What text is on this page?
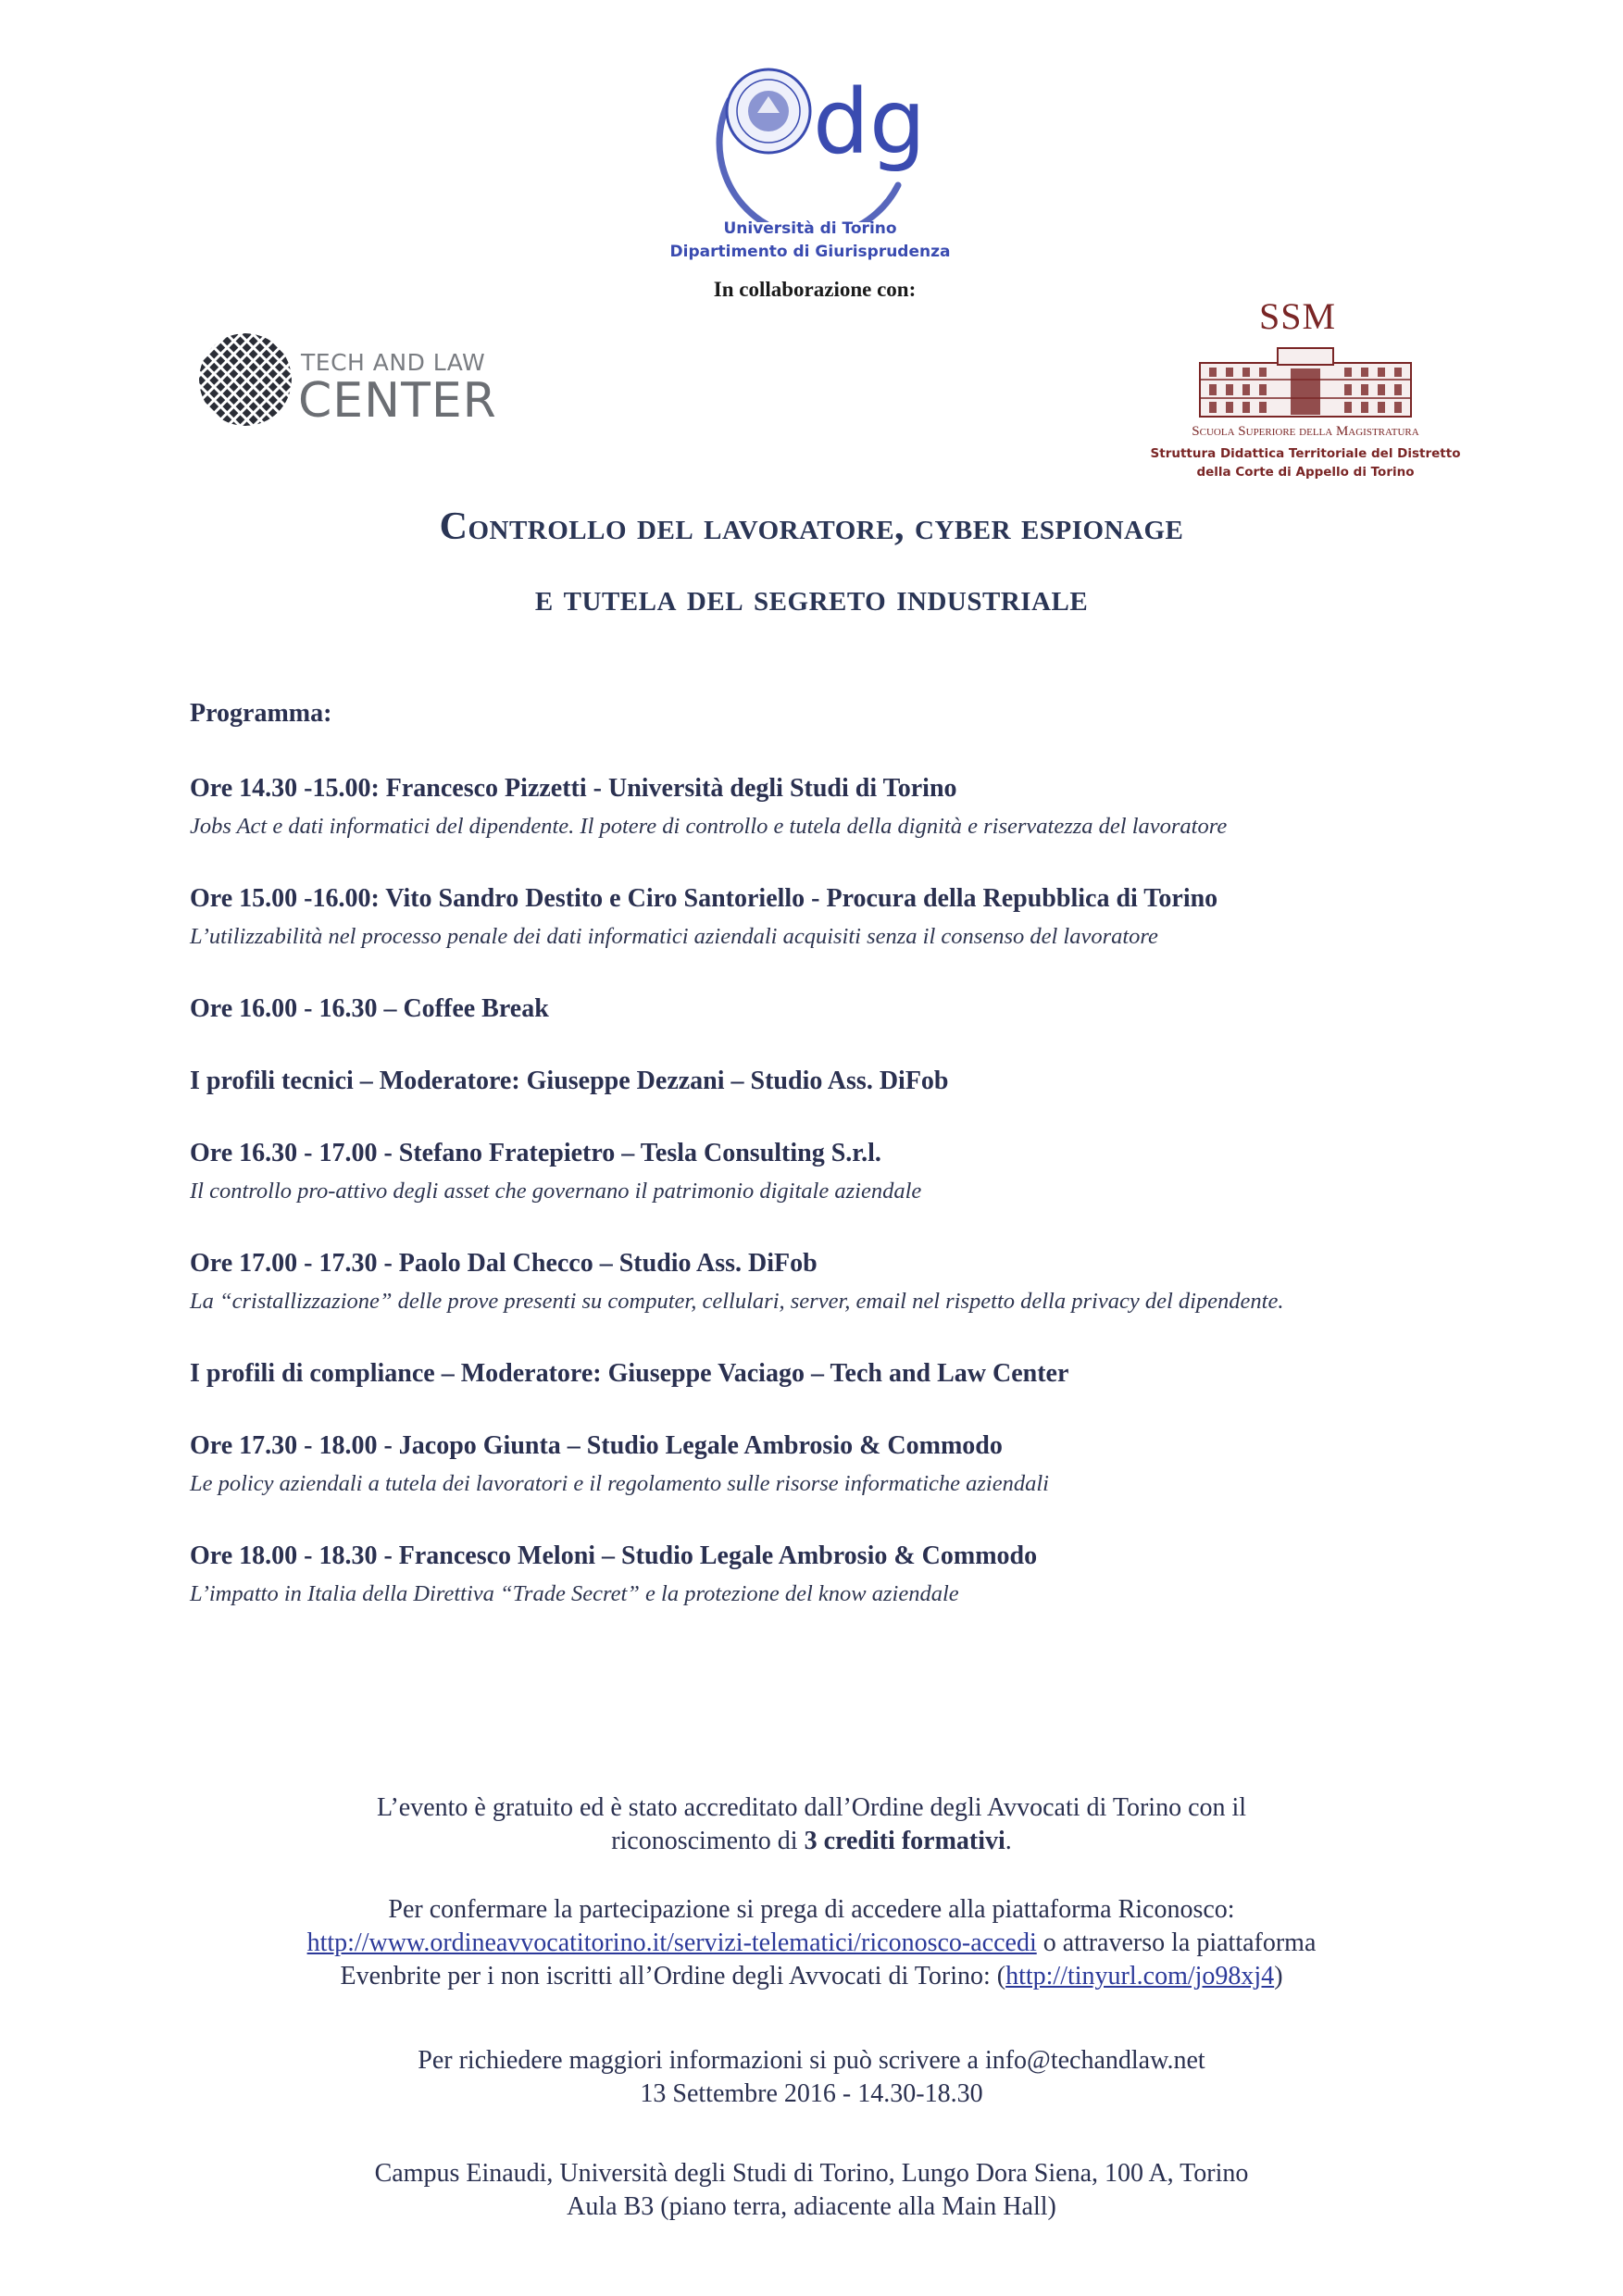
dg
Università di Torino
Dipartimento di Giurisprudenza
In collaborazione con:
TECH AND LAW
CENTER
SSM
Scuola Superiore della Magistratura
Struttura Didattica Territoriale del Distretto
della Corte di Appello di Torino
Controllo del lavoratore, cyber espionage
e tutela del segreto industriale
Programma:
Ore 14.30 -15.00: Francesco Pizzetti - Università degli Studi di Torino
Jobs Act e dati informatici del dipendente. Il potere di controllo e tutela della dignità e riservatezza del lavoratore
Ore 15.00 -16.00: Vito Sandro Destito e Ciro Santoriello - Procura della Repubblica di Torino
L’utilizzabilità nel processo penale dei dati informatici aziendali acquisiti senza il consenso del lavoratore
Ore 16.00 - 16.30 – Coffee Break
I profili tecnici – Moderatore: Giuseppe Dezzani – Studio Ass. DiFob
Ore 16.30 - 17.00 - Stefano Fratepietro – Tesla Consulting S.r.l.
Il controllo pro-attivo degli asset che governano il patrimonio digitale aziendale
Ore 17.00 - 17.30 - Paolo Dal Checco – Studio Ass. DiFob
La “cristallizzazione” delle prove presenti su computer, cellulari, server, email nel rispetto della privacy del dipendente.
I profili di compliance – Moderatore: Giuseppe Vaciago – Tech and Law Center
Ore 17.30 - 18.00 - Jacopo Giunta – Studio Legale Ambrosio & Commodo
Le policy aziendali a tutela dei lavoratori e il regolamento sulle risorse informatiche aziendali
Ore 18.00 - 18.30 - Francesco Meloni – Studio Legale Ambrosio & Commodo
L’impatto in Italia della Direttiva “Trade Secret” e la protezione del know aziendale
L’evento è gratuito ed è stato accreditato dall’Ordine degli Avvocati di Torino con il
riconoscimento di 3 crediti formativi.
Per confermare la partecipazione si prega di accedere alla piattaforma Riconosco:
http://www.ordineavvocatitorino.it/servizi-telematici/riconosco-accedi o attraverso la piattaforma
Evenbrite per i non iscritti all’Ordine degli Avvocati di Torino: (http://tinyurl.com/jo98xj4)
Per richiedere maggiori informazioni si può scrivere a info@techandlaw.net
13 Settembre 2016 - 14.30-18.30
Campus Einaudi, Università degli Studi di Torino, Lungo Dora Siena, 100 A, Torino
Aula B3 (piano terra, adiacente alla Main Hall)
